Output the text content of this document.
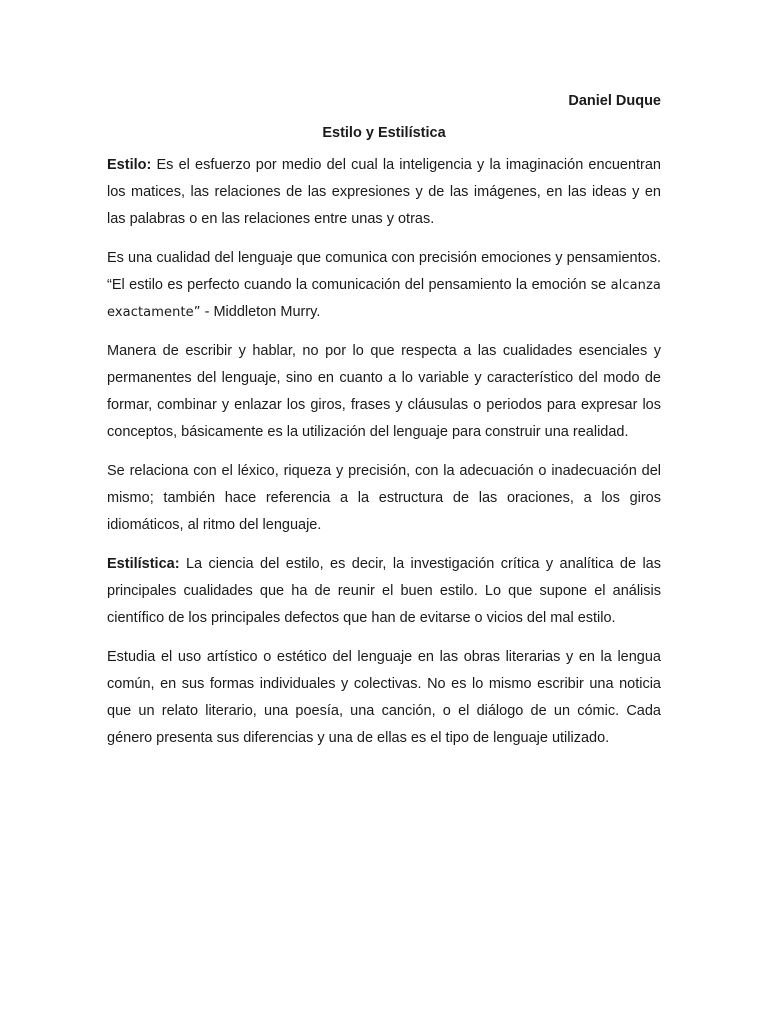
Daniel Duque

Estilo y Estilística

Estilo: Es el esfuerzo por medio del cual la inteligencia y la imaginación encuentran los matices, las relaciones de las expresiones y de las imágenes, en las ideas y en las palabras o en las relaciones entre unas y otras.

Es una cualidad del lenguaje que comunica con precisión emociones y pensamientos. “El estilo es perfecto cuando la comunicación del pensamiento la emoción se alcanza exactamente” - Middleton Murry.

Manera de escribir y hablar, no por lo que respecta a las cualidades esenciales y permanentes del lenguaje, sino en cuanto a lo variable y característico del modo de formar, combinar y enlazar los giros, frases y cláusulas o periodos para expresar los conceptos, básicamente es la utilización del lenguaje para construir una realidad.

Se relaciona con el léxico, riqueza y precisión, con la adecuación o inadecuación del mismo; también hace referencia a la estructura de las oraciones, a los giros idiomáticos, al ritmo del lenguaje.

Estilística: La ciencia del estilo, es decir, la investigación crítica y analítica de las principales cualidades que ha de reunir el buen estilo. Lo que supone el análisis científico de los principales defectos que han de evitarse o vicios del mal estilo.

Estudia el uso artístico o estético del lenguaje en las obras literarias y en la lengua común, en sus formas individuales y colectivas. No es lo mismo escribir una noticia que un relato literario, una poesía, una canción, o el diálogo de un cómic. Cada género presenta sus diferencias y una de ellas es el tipo de lenguaje utilizado.
